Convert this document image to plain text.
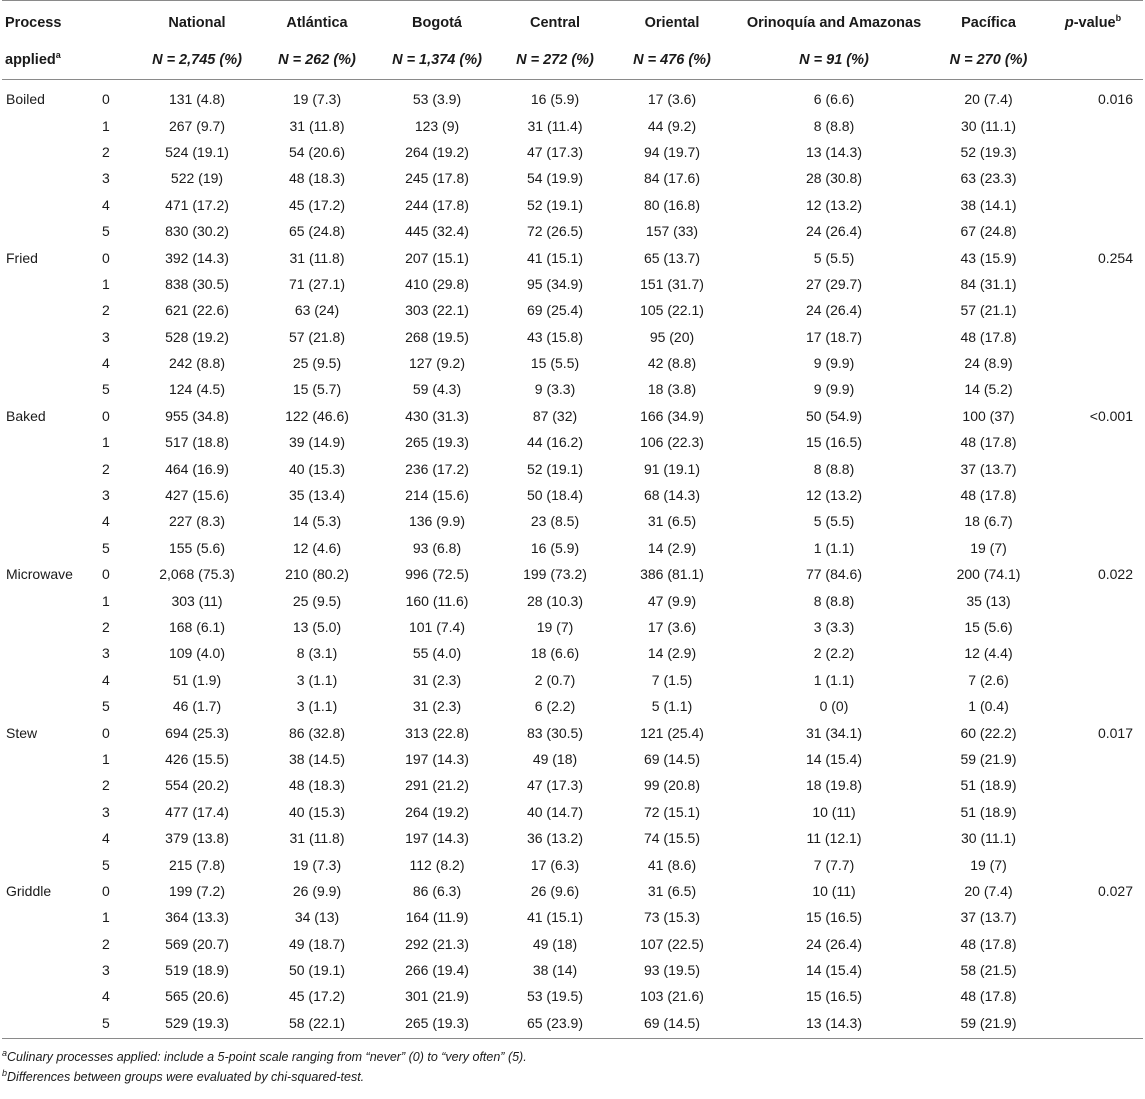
Process		National	Atlántica	Bogotá	Central	Oriental	Orinoquía and Amazonas	Pacífica	p-value$^b$
applied$^a$		N = 2,745 (%)	N = 262 (%)	N = 1,374 (%)	N = 272 (%)	N = 476 (%)	N = 91 (%)	N = 270 (%)	
Boiled	0	131 (4.8)	19 (7.3)	53 (3.9)	16 (5.9)	17 (3.6)	6 (6.6)	20 (7.4)	0.016
	1	267 (9.7)	31 (11.8)	123 (9)	31 (11.4)	44 (9.2)	8 (8.8)	30 (11.1)	
	2	524 (19.1)	54 (20.6)	264 (19.2)	47 (17.3)	94 (19.7)	13 (14.3)	52 (19.3)	
	3	522 (19)	48 (18.3)	245 (17.8)	54 (19.9)	84 (17.6)	28 (30.8)	63 (23.3)	
	4	471 (17.2)	45 (17.2)	244 (17.8)	52 (19.1)	80 (16.8)	12 (13.2)	38 (14.1)	
	5	830 (30.2)	65 (24.8)	445 (32.4)	72 (26.5)	157 (33)	24 (26.4)	67 (24.8)	
Fried	0	392 (14.3)	31 (11.8)	207 (15.1)	41 (15.1)	65 (13.7)	5 (5.5)	43 (15.9)	0.254
	1	838 (30.5)	71 (27.1)	410 (29.8)	95 (34.9)	151 (31.7)	27 (29.7)	84 (31.1)	
	2	621 (22.6)	63 (24)	303 (22.1)	69 (25.4)	105 (22.1)	24 (26.4)	57 (21.1)	
	3	528 (19.2)	57 (21.8)	268 (19.5)	43 (15.8)	95 (20)	17 (18.7)	48 (17.8)	
	4	242 (8.8)	25 (9.5)	127 (9.2)	15 (5.5)	42 (8.8)	9 (9.9)	24 (8.9)	
	5	124 (4.5)	15 (5.7)	59 (4.3)	9 (3.3)	18 (3.8)	9 (9.9)	14 (5.2)	
Baked	0	955 (34.8)	122 (46.6)	430 (31.3)	87 (32)	166 (34.9)	50 (54.9)	100 (37)	<0.001
	1	517 (18.8)	39 (14.9)	265 (19.3)	44 (16.2)	106 (22.3)	15 (16.5)	48 (17.8)	
	2	464 (16.9)	40 (15.3)	236 (17.2)	52 (19.1)	91 (19.1)	8 (8.8)	37 (13.7)	
	3	427 (15.6)	35 (13.4)	214 (15.6)	50 (18.4)	68 (14.3)	12 (13.2)	48 (17.8)	
	4	227 (8.3)	14 (5.3)	136 (9.9)	23 (8.5)	31 (6.5)	5 (5.5)	18 (6.7)	
	5	155 (5.6)	12 (4.6)	93 (6.8)	16 (5.9)	14 (2.9)	1 (1.1)	19 (7)	
Microwave	0	2,068 (75.3)	210 (80.2)	996 (72.5)	199 (73.2)	386 (81.1)	77 (84.6)	200 (74.1)	0.022
	1	303 (11)	25 (9.5)	160 (11.6)	28 (10.3)	47 (9.9)	8 (8.8)	35 (13)	
	2	168 (6.1)	13 (5.0)	101 (7.4)	19 (7)	17 (3.6)	3 (3.3)	15 (5.6)	
	3	109 (4.0)	8 (3.1)	55 (4.0)	18 (6.6)	14 (2.9)	2 (2.2)	12 (4.4)	
	4	51 (1.9)	3 (1.1)	31 (2.3)	2 (0.7)	7 (1.5)	1 (1.1)	7 (2.6)	
	5	46 (1.7)	3 (1.1)	31 (2.3)	6 (2.2)	5 (1.1)	0 (0)	1 (0.4)	
Stew	0	694 (25.3)	86 (32.8)	313 (22.8)	83 (30.5)	121 (25.4)	31 (34.1)	60 (22.2)	0.017
	1	426 (15.5)	38 (14.5)	197 (14.3)	49 (18)	69 (14.5)	14 (15.4)	59 (21.9)	
	2	554 (20.2)	48 (18.3)	291 (21.2)	47 (17.3)	99 (20.8)	18 (19.8)	51 (18.9)	
	3	477 (17.4)	40 (15.3)	264 (19.2)	40 (14.7)	72 (15.1)	10 (11)	51 (18.9)	
	4	379 (13.8)	31 (11.8)	197 (14.3)	36 (13.2)	74 (15.5)	11 (12.1)	30 (11.1)	
	5	215 (7.8)	19 (7.3)	112 (8.2)	17 (6.3)	41 (8.6)	7 (7.7)	19 (7)	
Griddle	0	199 (7.2)	26 (9.9)	86 (6.3)	26 (9.6)	31 (6.5)	10 (11)	20 (7.4)	0.027
	1	364 (13.3)	34 (13)	164 (11.9)	41 (15.1)	73 (15.3)	15 (16.5)	37 (13.7)	
	2	569 (20.7)	49 (18.7)	292 (21.3)	49 (18)	107 (22.5)	24 (26.4)	48 (17.8)	
	3	519 (18.9)	50 (19.1)	266 (19.4)	38 (14)	93 (19.5)	14 (15.4)	58 (21.5)	
	4	565 (20.6)	45 (17.2)	301 (21.9)	53 (19.5)	103 (21.6)	15 (16.5)	48 (17.8)	
	5	529 (19.3)	58 (22.1)	265 (19.3)	65 (23.9)	69 (14.5)	13 (14.3)	59 (21.9)	

$^a$Culinary processes applied: include a 5-point scale ranging from “never” (0) to “very often” (5).

$^b$Differences between groups were evaluated by chi-squared-test.
